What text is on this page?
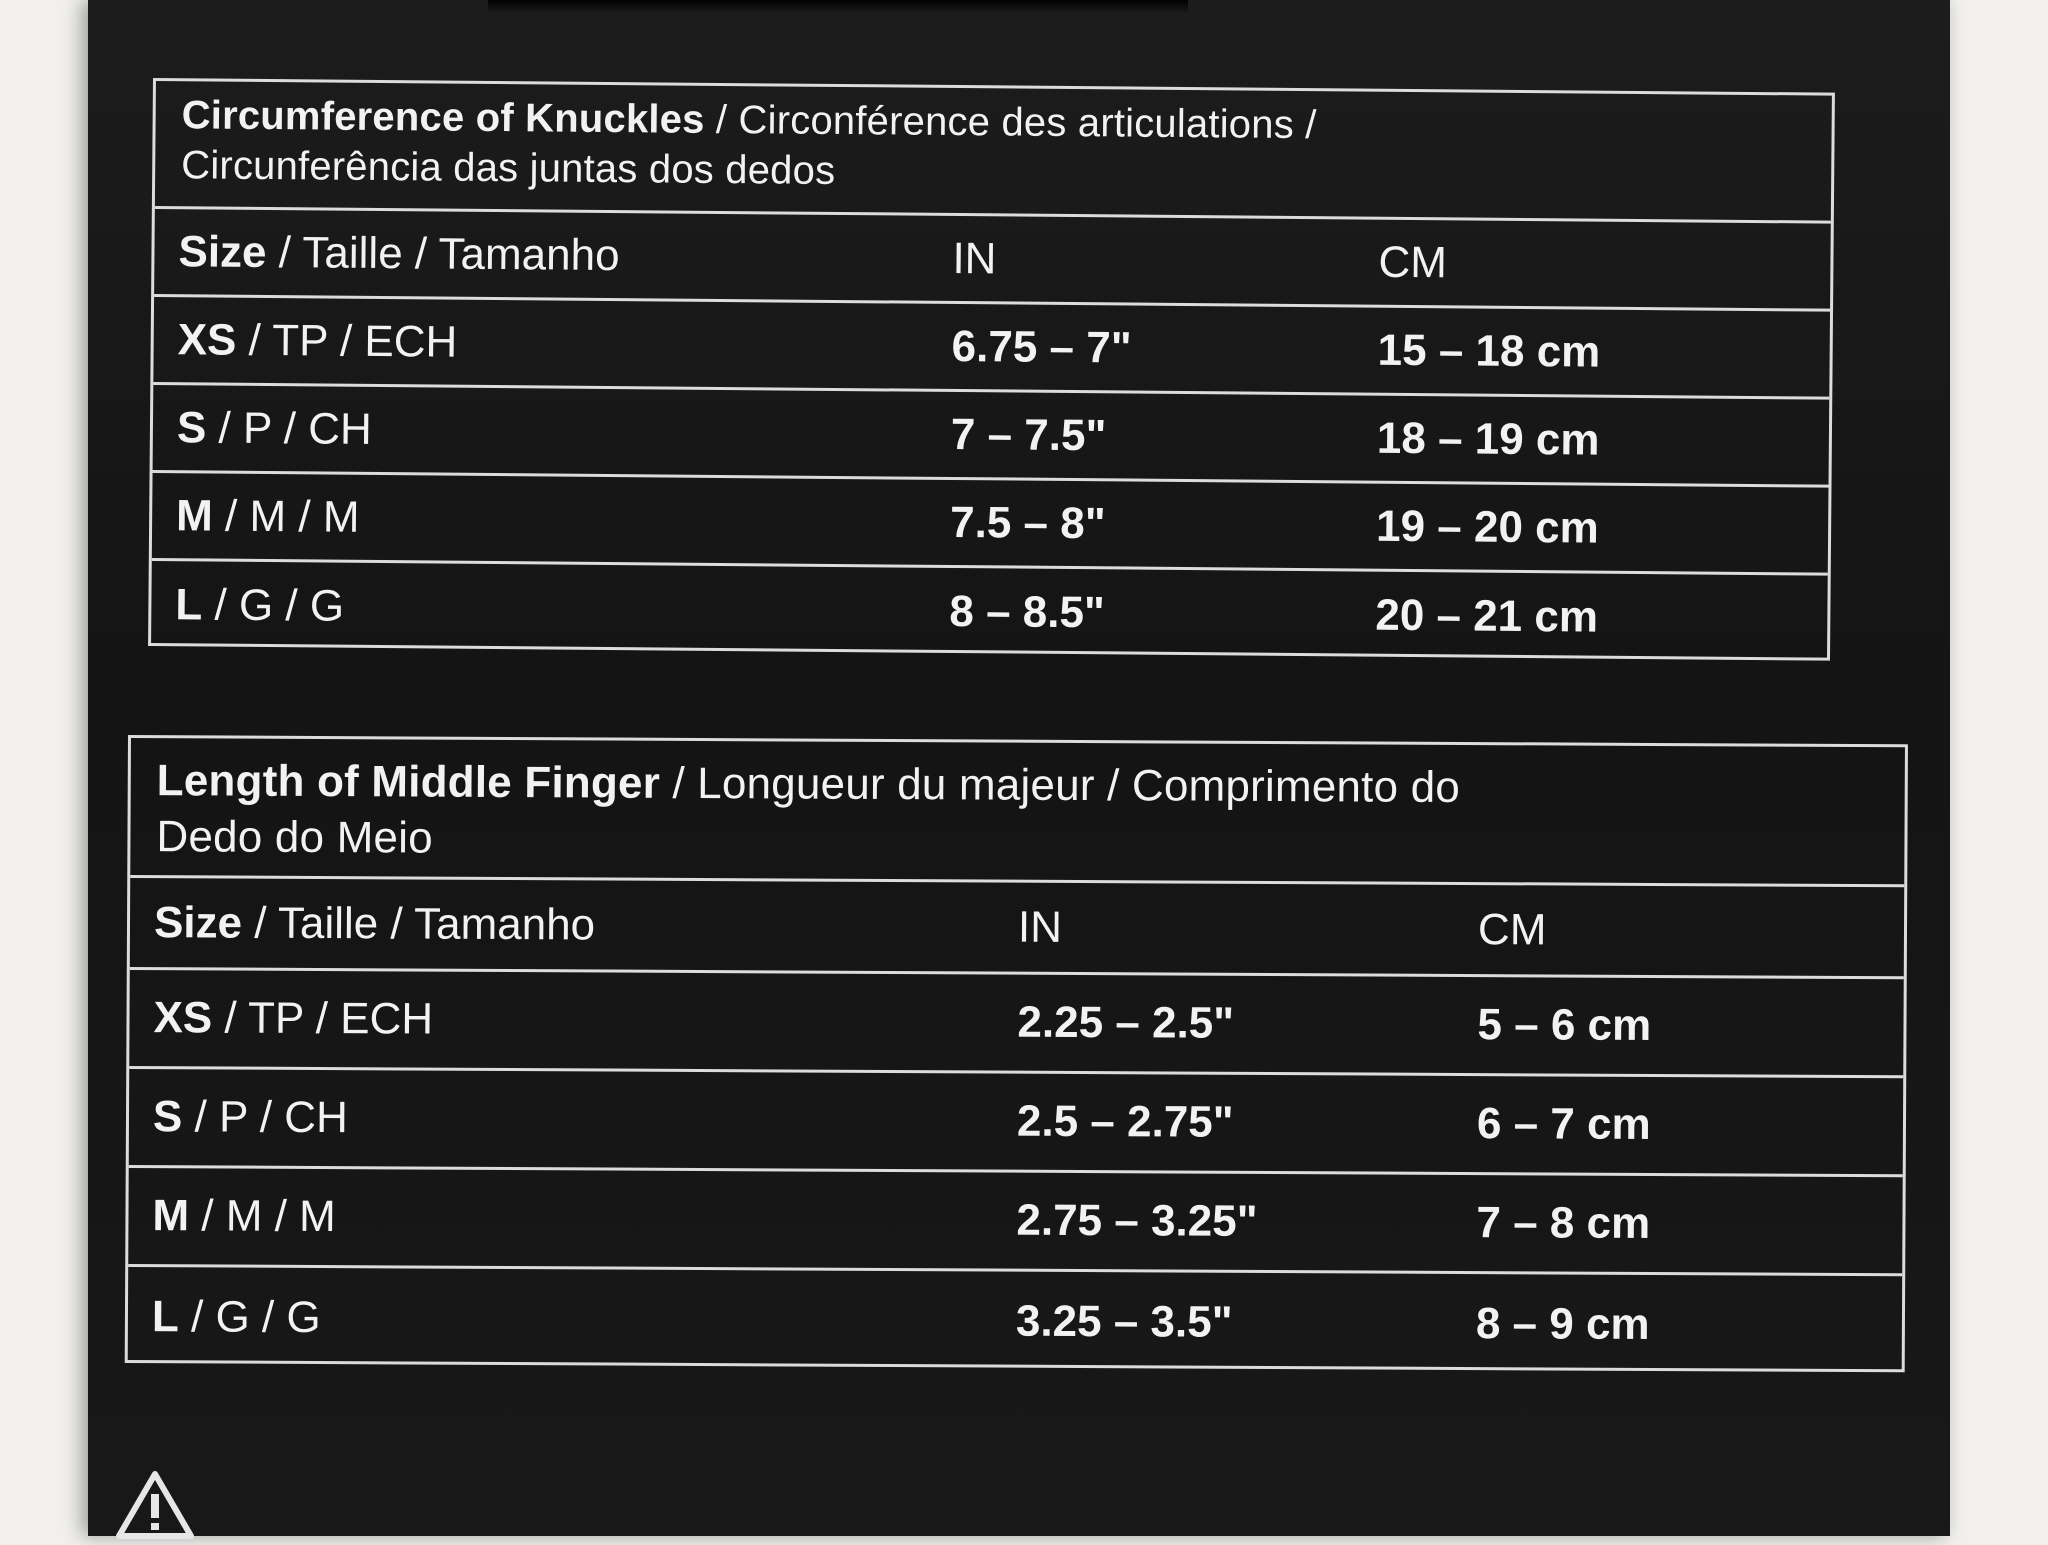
Circumference of Knuckles / Circonférence des articulations /
Circunferência das juntas dos dedos
Size / Taille / Tamanho	IN	CM
XS / TP / ECH	6.75 – 7"	15 – 18 cm
S / P / CH	7 – 7.5"	18 – 19 cm
M / M / M	7.5 – 8"	19 – 20 cm
L / G / G	8 – 8.5"	20 – 21 cm
Length of Middle Finger / Longueur du majeur / Comprimento do
Dedo do Meio
Size / Taille / Tamanho	IN	CM
XS / TP / ECH	2.25 – 2.5"	5 – 6 cm
S / P / CH	2.5 – 2.75"	6 – 7 cm
M / M / M	2.75 – 3.25"	7 – 8 cm
L / G / G	3.25 – 3.5"	8 – 9 cm
